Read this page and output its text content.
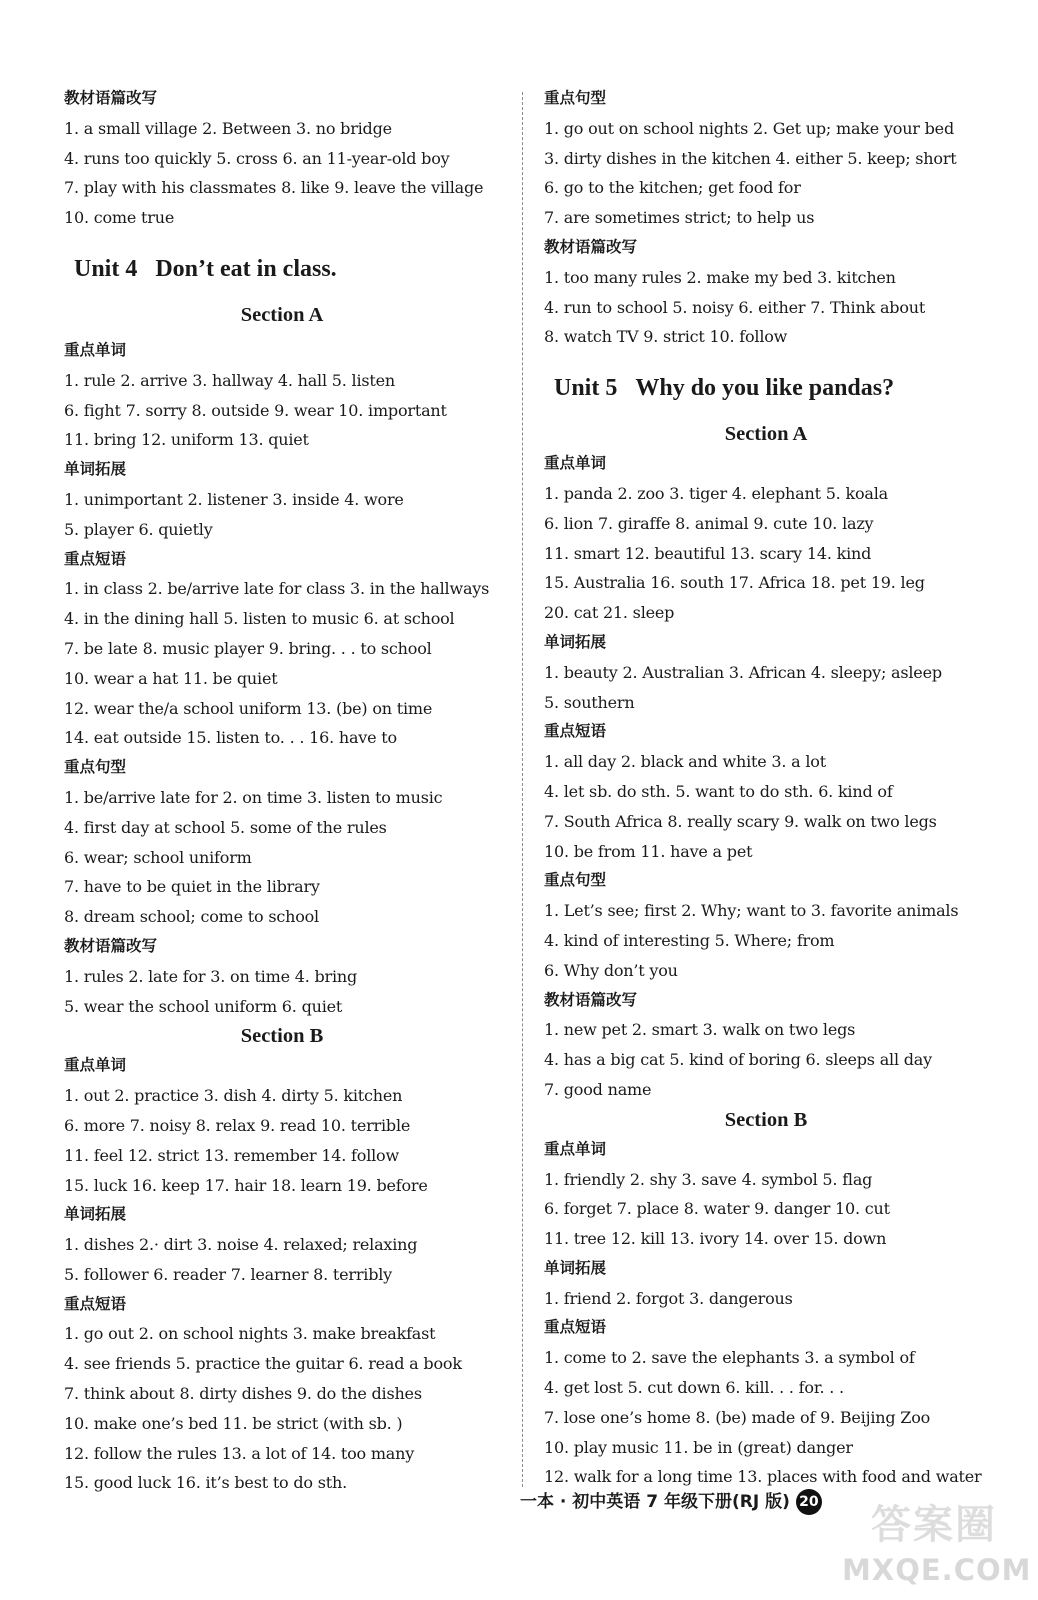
教材语篇改写
1. a small village 2. Between 3. no bridge
4. runs too quickly 5. cross 6. an 11-year-old boy
7. play with his classmates 8. like 9. leave the village
10. come true
Unit 4 Don’t eat in class.
Section A
重点单词
1. rule 2. arrive 3. hallway 4. hall 5. listen
6. fight 7. sorry 8. outside 9. wear 10. important
11. bring 12. uniform 13. quiet
单词拓展
1. unimportant 2. listener 3. inside 4. wore
5. player 6. quietly
重点短语
1. in class 2. be/arrive late for class 3. in the hallways
4. in the dining hall 5. listen to music 6. at school
7. be late 8. music player 9. bring. . . to school
10. wear a hat 11. be quiet
12. wear the/a school uniform 13. (be) on time
14. eat outside 15. listen to. . . 16. have to
重点句型
1. be/arrive late for 2. on time 3. listen to music
4. first day at school 5. some of the rules
6. wear; school uniform
7. have to be quiet in the library
8. dream school; come to school
教材语篇改写
1. rules 2. late for 3. on time 4. bring
5. wear the school uniform 6. quiet
Section B
重点单词
1. out 2. practice 3. dish 4. dirty 5. kitchen
6. more 7. noisy 8. relax 9. read 10. terrible
11. feel 12. strict 13. remember 14. follow
15. luck 16. keep 17. hair 18. learn 19. before
单词拓展
1. dishes 2.· dirt 3. noise 4. relaxed; relaxing
5. follower 6. reader 7. learner 8. terribly
重点短语
1. go out 2. on school nights 3. make breakfast
4. see friends 5. practice the guitar 6. read a book
7. think about 8. dirty dishes 9. do the dishes
10. make one’s bed 11. be strict (with sb. )
12. follow the rules 13. a lot of 14. too many
15. good luck 16. it’s best to do sth.
重点句型
1. go out on school nights 2. Get up; make your bed
3. dirty dishes in the kitchen 4. either 5. keep; short
6. go to the kitchen; get food for
7. are sometimes strict; to help us
教材语篇改写
1. too many rules 2. make my bed 3. kitchen
4. run to school 5. noisy 6. either 7. Think about
8. watch TV 9. strict 10. follow
Unit 5 Why do you like pandas?
Section A
重点单词
1. panda 2. zoo 3. tiger 4. elephant 5. koala
6. lion 7. giraffe 8. animal 9. cute 10. lazy
11. smart 12. beautiful 13. scary 14. kind
15. Australia 16. south 17. Africa 18. pet 19. leg
20. cat 21. sleep
单词拓展
1. beauty 2. Australian 3. African 4. sleepy; asleep
5. southern
重点短语
1. all day 2. black and white 3. a lot
4. let sb. do sth. 5. want to do sth. 6. kind of
7. South Africa 8. really scary 9. walk on two legs
10. be from 11. have a pet
重点句型
1. Let’s see; first 2. Why; want to 3. favorite animals
4. kind of interesting 5. Where; from
6. Why don’t you
教材语篇改写
1. new pet 2. smart 3. walk on two legs
4. has a big cat 5. kind of boring 6. sleeps all day
7. good name
Section B
重点单词
1. friendly 2. shy 3. save 4. symbol 5. flag
6. forget 7. place 8. water 9. danger 10. cut
11. tree 12. kill 13. ivory 14. over 15. down
单词拓展
1. friend 2. forgot 3. dangerous
重点短语
1. come to 2. save the elephants 3. a symbol of
4. get lost 5. cut down 6. kill. . . for. . .
7. lose one’s home 8. (be) made of 9. Beijing Zoo
10. play music 11. be in (great) danger
12. walk for a long time 13. places with food and water
一本 · 初中英语 7 年级下册(RJ 版) 20	答案圈
MXQE.COM
